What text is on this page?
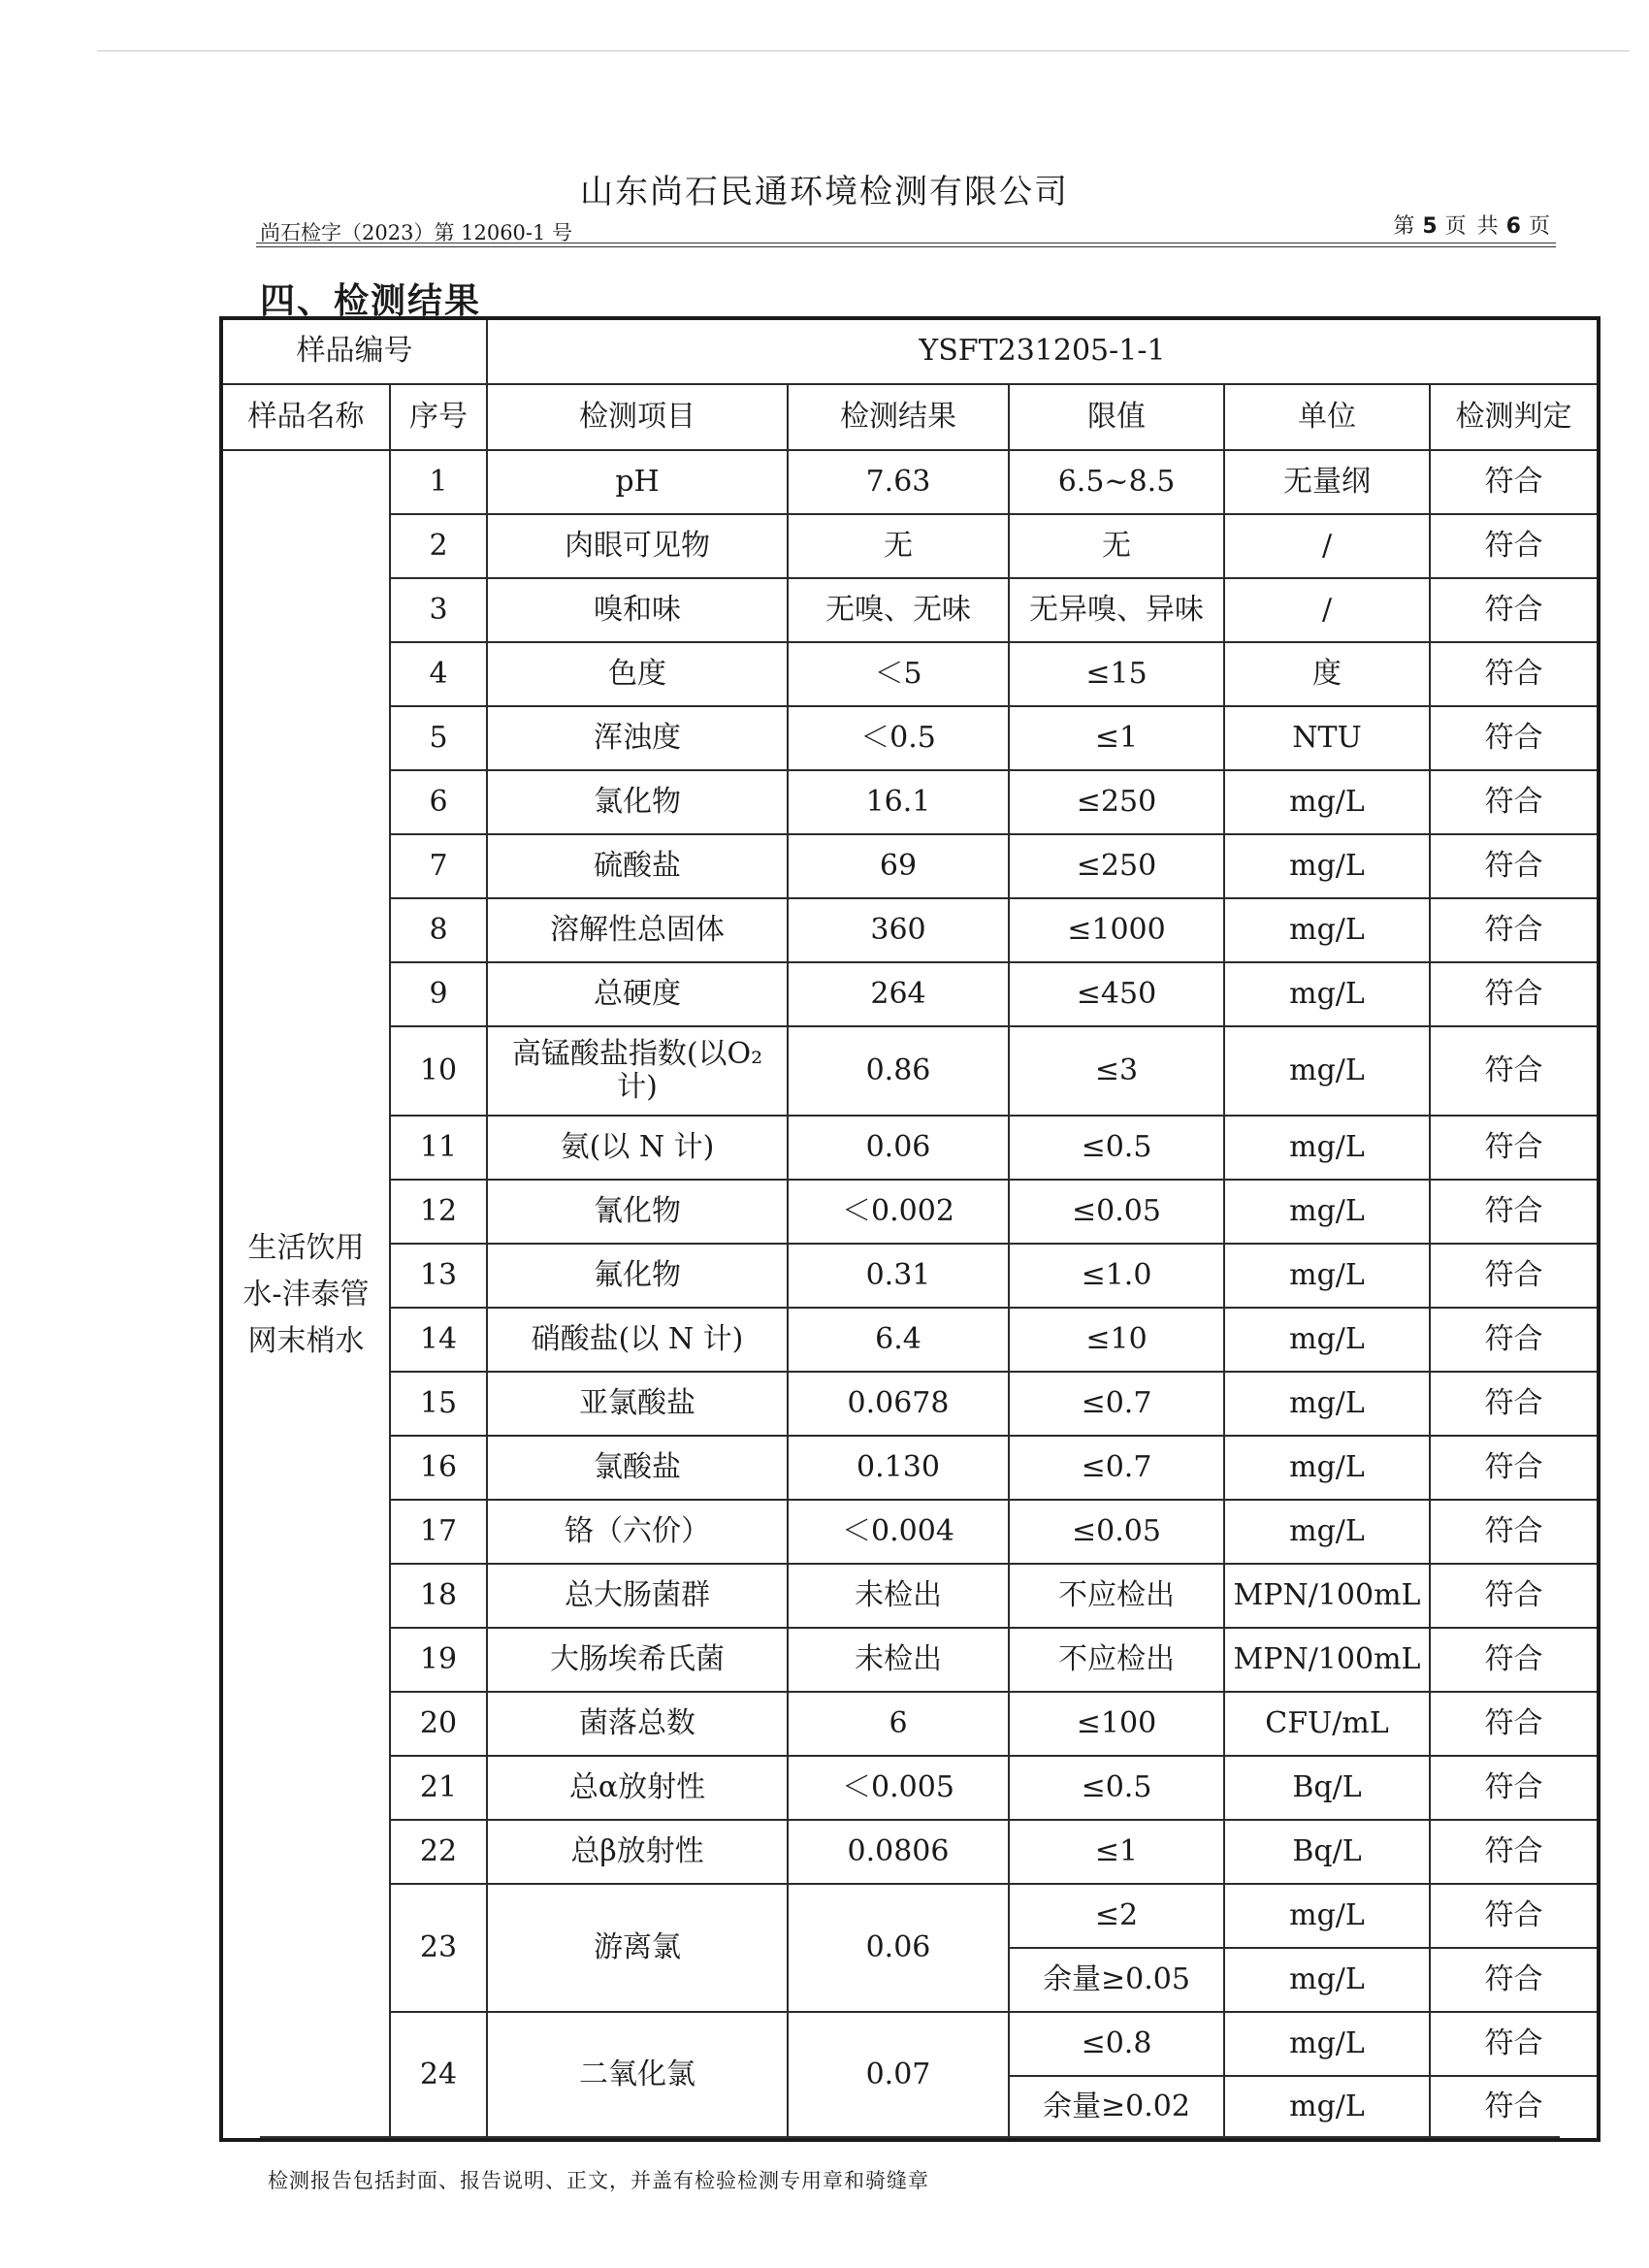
山东尚石民通环境检测有限公司
尚石检字（2023）第 12060-1 号	第 5 页 共 6 页
四、检测结果
样品编号		YSFT231205-1-1				
样品名称	序号	检测项目	检测结果	限值	单位	检测判定
生活饮用水-沣泰管网末梢水	1	pH	7.63	6.5~8.5	无量纲	符合
	2	肉眼可见物	无	无	/	符合
	3	嗅和味	无嗅、无味	无异嗅、异味	/	符合
	4	色度	＜5	≤15	度	符合
	5	浑浊度	＜0.5	≤1	NTU	符合
	6	氯化物	16.1	≤250	mg/L	符合
	7	硫酸盐	69	≤250	mg/L	符合
	8	溶解性总固体	360	≤1000	mg/L	符合
	9	总硬度	264	≤450	mg/L	符合
	10	高锰酸盐指数(以O₂计)	0.86	≤3	mg/L	符合
	11	氨(以 N 计)	0.06	≤0.5	mg/L	符合
	12	氰化物	＜0.002	≤0.05	mg/L	符合
	13	氟化物	0.31	≤1.0	mg/L	符合
	14	硝酸盐(以 N 计)	6.4	≤10	mg/L	符合
	15	亚氯酸盐	0.0678	≤0.7	mg/L	符合
	16	氯酸盐	0.130	≤0.7	mg/L	符合
	17	铬（六价）	＜0.004	≤0.05	mg/L	符合
	18	总大肠菌群	未检出	不应检出	MPN/100mL	符合
	19	大肠埃希氏菌	未检出	不应检出	MPN/100mL	符合
	20	菌落总数	6	≤100	CFU/mL	符合
	21	总α放射性	＜0.005	≤0.5	Bq/L	符合
	22	总β放射性	0.0806	≤1	Bq/L	符合
	23	游离氯	0.06	≤2	mg/L	符合
				余量≥0.05	mg/L	符合
	24	二氧化氯	0.07	≤0.8	mg/L	符合
				余量≥0.02	mg/L	符合
检测报告包括封面、报告说明、正文，并盖有检验检测专用章和骑缝章
